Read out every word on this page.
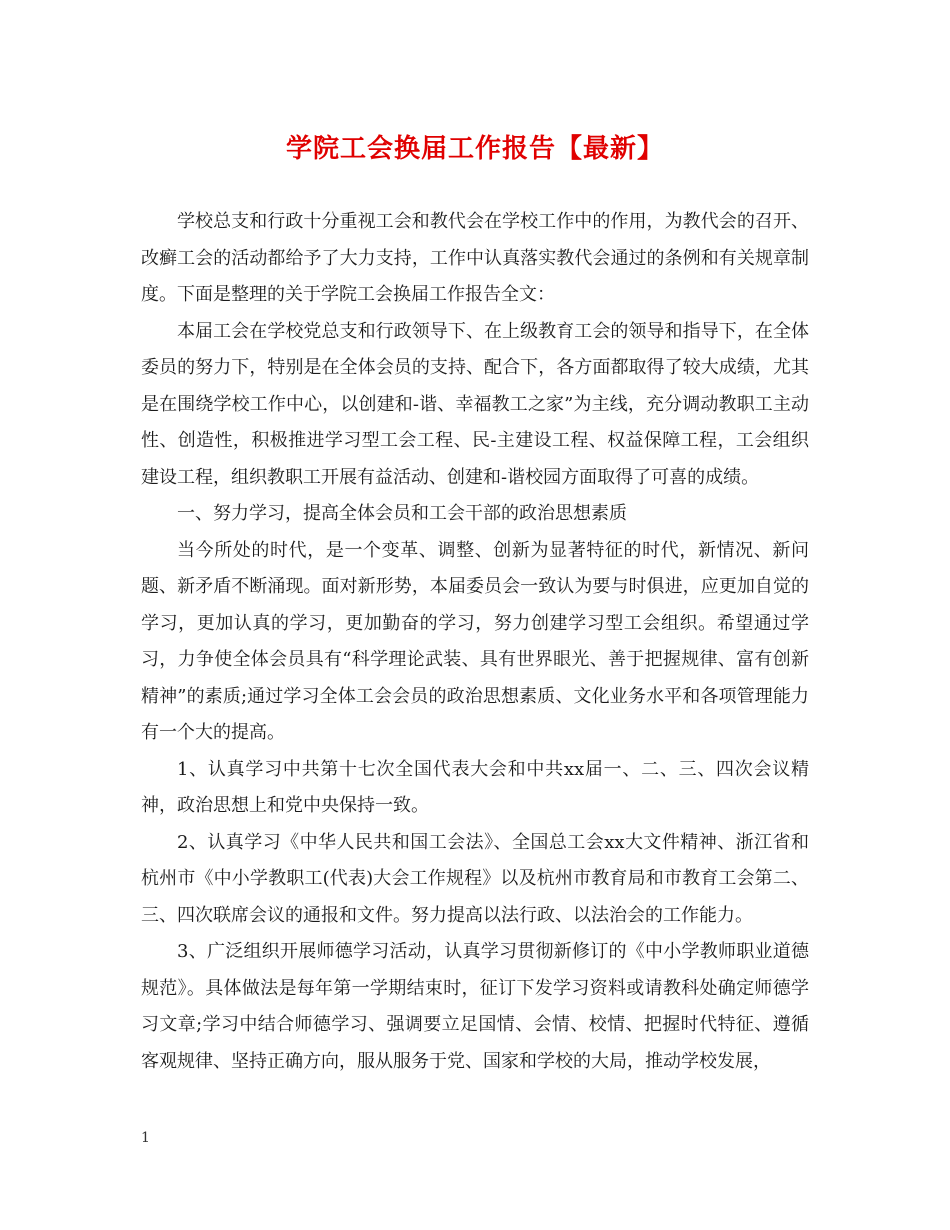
学院工会换届工作报告【最新】

学校总支和行政十分重视工会和教代会在学校工作中的作用，为教代会的召开、改癣工会的活动都给予了大力支持，工作中认真落实教代会通过的条例和有关规章制度。下面是整理的关于学院工会换届工作报告全文：

本届工会在学校党总支和行政领导下、在上级教育工会的领导和指导下，在全体委员的努力下，特别是在全体会员的支持、配合下，各方面都取得了较大成绩，尤其是在围绕学校工作中心，以创建和-谐、幸福教工之家”为主线，充分调动教职工主动性、创造性，积极推进学习型工会工程、民-主建设工程、权益保障工程，工会组织建设工程，组织教职工开展有益活动、创建和-谐校园方面取得了可喜的成绩。

一、努力学习，提高全体会员和工会干部的政治思想素质

当今所处的时代，是一个变革、调整、创新为显著特征的时代，新情况、新问题、新矛盾不断涌现。面对新形势，本届委员会一致认为要与时俱进，应更加自觉的学习，更加认真的学习，更加勤奋的学习，努力创建学习型工会组织。希望通过学习，力争使全体会员具有“科学理论武装、具有世界眼光、善于把握规律、富有创新精神”的素质;通过学习全体工会会员的政治思想素质、文化业务水平和各项管理能力有一个大的提高。

1、认真学习中共第十七次全国代表大会和中共xx届一、二、三、四次会议精神，政治思想上和党中央保持一致。

2、认真学习《中华人民共和国工会法》、全国总工会xx大文件精神、浙江省和杭州市《中小学教职工(代表)大会工作规程》以及杭州市教育局和市教育工会第二、三、四次联席会议的通报和文件。努力提高以法行政、以法治会的工作能力。

3、广泛组织开展师德学习活动，认真学习贯彻新修订的《中小学教师职业道德规范》。具体做法是每年第一学期结束时，征订下发学习资料或请教科处确定师德学习文章;学习中结合师德学习、强调要立足国情、会情、校情、把握时代特征、遵循客观规律、坚持正确方向，服从服务于党、国家和学校的大局，推动学校发展，

1
